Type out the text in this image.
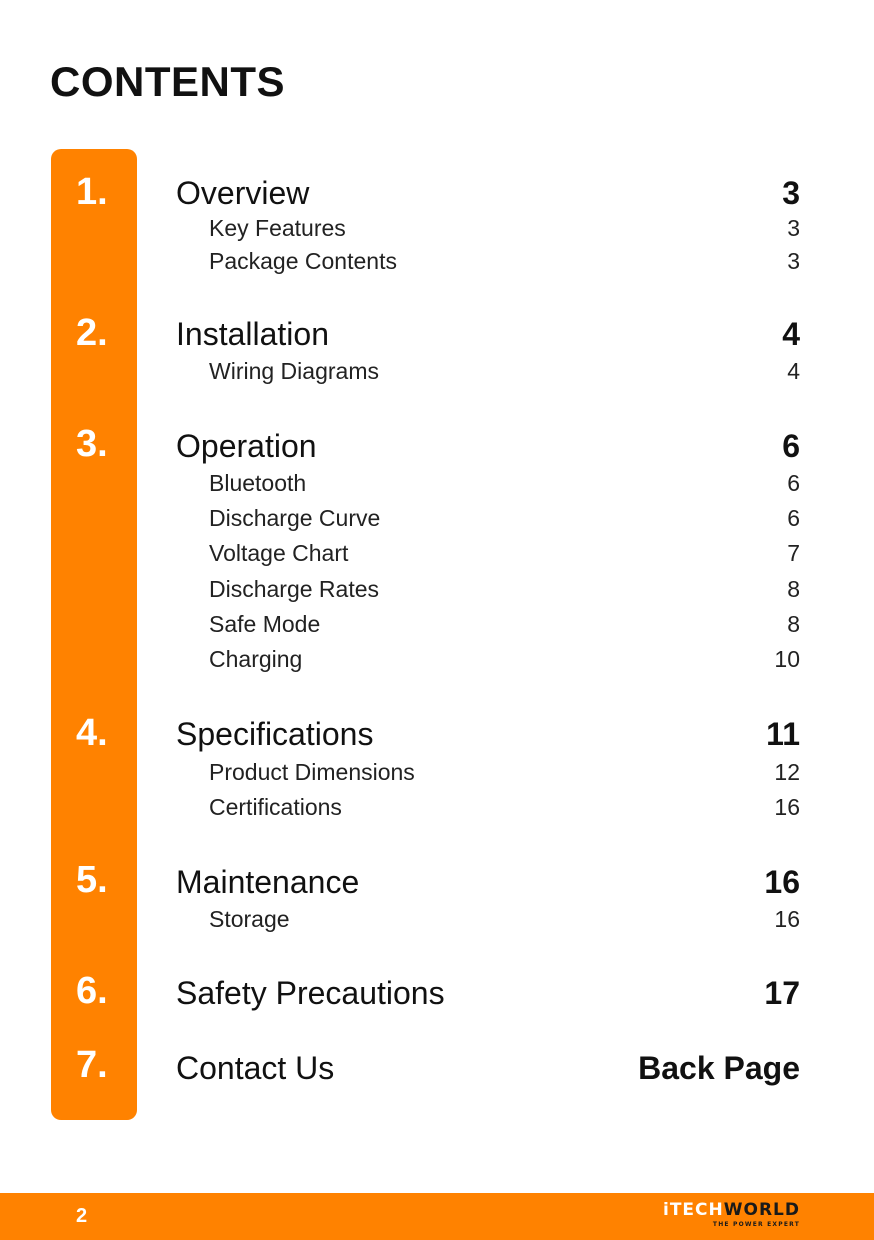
CONTENTS
1. Overview	3
Key Features	3
Package Contents	3
2. Installation	4
Wiring Diagrams	4
3. Operation	6
Bluetooth	6
Discharge Curve	6
Voltage Chart	7
Discharge Rates	8
Safe Mode	8
Charging	10
4. Specifications	11
Product Dimensions	12
Certifications	16
5. Maintenance	16
Storage	16
6. Safety Precautions	17
7. Contact Us	Back Page
2	iTECHWORLD
THE POWER EXPERT
